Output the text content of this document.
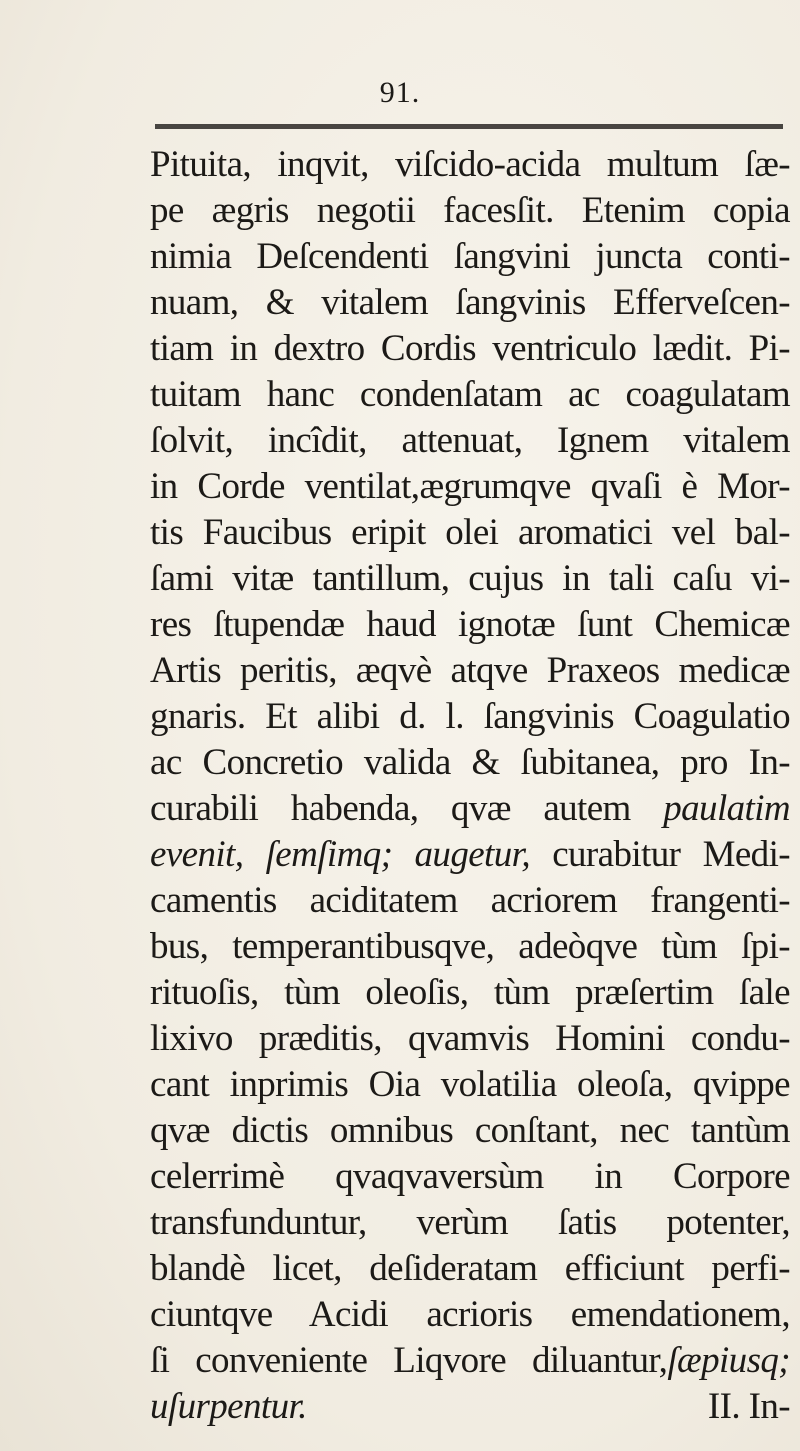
91.
Pituita, inqvit, viſcido-acida multum ſæ-
pe ægris negotii facesſit. Etenim copia
nimia Deſcendenti ſangvini juncta conti-
nuam, & vitalem ſangvinis Efferveſcen-
tiam in dextro Cordis ventriculo lædit. Pi-
tuitam hanc condenſatam ac coagulatam
ſolvit, incîdit, attenuat, Ignem vitalem
in Corde ventilat,ægrumqve qvaſi è Mor-
tis Faucibus eripit olei aromatici vel bal-
ſami vitæ tantillum, cujus in tali caſu vi-
res ſtupendæ haud ignotæ ſunt Chemicæ
Artis peritis, æqvè atqve Praxeos medicæ
gnaris. Et alibi d. l. ſangvinis Coagulatio
ac Concretio valida & ſubitanea, pro In-
curabili habenda, qvæ autem paulatim
evenit, ſemſimq; augetur, curabitur Medi-
camentis aciditatem acriorem frangenti-
bus, temperantibusqve, adeòqve tùm ſpi-
rituoſis, tùm oleoſis, tùm præſertim ſale
lixivo præditis, qvamvis Homini condu-
cant inprimis Oia volatilia oleoſa, qvippe
qvæ dictis omnibus conſtant, nec tantùm
celerrimè qvaqvaversùm in Corpore
transfunduntur, verùm ſatis potenter,
blandè licet, deſideratam efficiunt perfi-
ciuntqve Acidi acrioris emendationem,
ſi conveniente Liqvore diluantur,ſæpiusq;
uſurpentur.	II. In-
